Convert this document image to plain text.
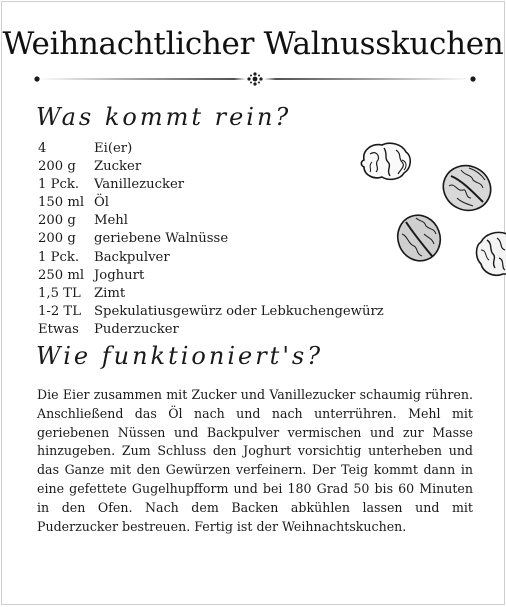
Weihnachtlicher Walnusskuchen
Was kommt rein?
4	Ei(er)
200 g	Zucker
1 Pck.	Vanillezucker
150 ml Öl
200 g	Mehl
200 g	geriebene Walnüsse
1 Pck.	Backpulver
250 ml Joghurt
1,5 TL	Zimt
1-2 TL Spekulatiusgewürz oder Lebkuchengewürz
Etwas	Puderzucker
Wie funktioniert's?
Die Eier zusammen mit Zucker und Vanillezucker schaumig rühren. Anschließend das Öl nach und nach unterrühren. Mehl mit geriebenen Nüssen und Backpulver vermischen und zur Masse hinzugeben. Zum Schluss den Joghurt vorsichtig unterheben und das Ganze mit den Gewürzen verfeinern. Der Teig kommt dann in eine gefettete Gugelhupfform und bei 180 Grad 50 bis 60 Minuten in den Ofen. Nach dem Backen abkühlen lassen und mit Puderzucker bestreuen. Fertig ist der Weihnachtskuchen.
